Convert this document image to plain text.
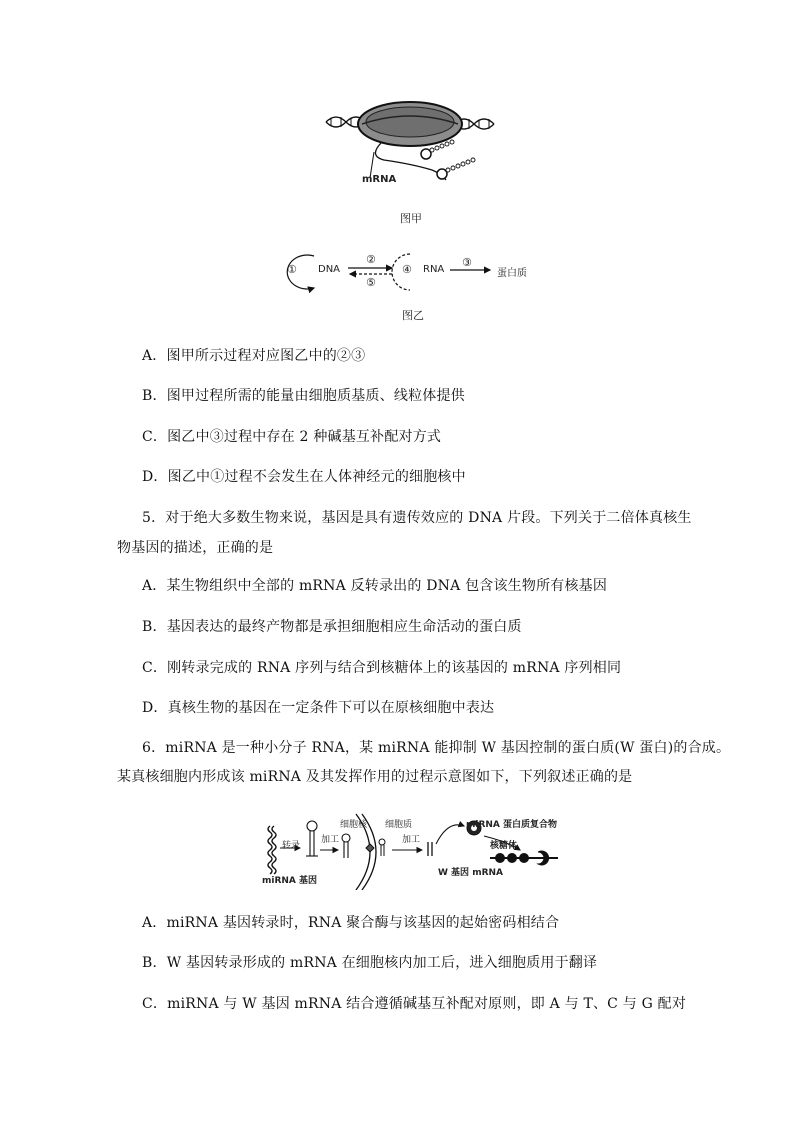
mRNA
图甲
① DNA
②
④ RNA
⑤
③
蛋白质
图乙
A．图甲所示过程对应图乙中的②③
B．图甲过程所需的能量由细胞质基质、线粒体提供
C．图乙中③过程中存在 2 种碱基互补配对方式
D．图乙中①过程不会发生在人体神经元的细胞核中
5．对于绝大多数生物来说，基因是具有遗传效应的 DNA 片段。下列关于二倍体真核生
物基因的描述，正确的是
A．某生物组织中全部的 mRNA 反转录出的 DNA 包含该生物所有核基因
B．基因表达的最终产物都是承担细胞相应生命活动的蛋白质
C．刚转录完成的 RNA 序列与结合到核糖体上的该基因的 mRNA 序列相同
D．真核生物的基因在一定条件下可以在原核细胞中表达
6．miRNA 是一种小分子 RNA，某 miRNA 能抑制 W 基因控制的蛋白质(W 蛋白)的合成。
某真核细胞内形成该 miRNA 及其发挥作用的过程示意图如下，下列叙述正确的是
细胞核 细胞质
转录
加工	加工
miRNA 基因
miRNA 蛋白质复合物
核糖体
W 基因 mRNA
A．miRNA 基因转录时，RNA 聚合酶与该基因的起始密码相结合
B．W 基因转录形成的 mRNA 在细胞核内加工后，进入细胞质用于翻译
C．miRNA 与 W 基因 mRNA 结合遵循碱基互补配对原则，即 A 与 T、C 与 G 配对
